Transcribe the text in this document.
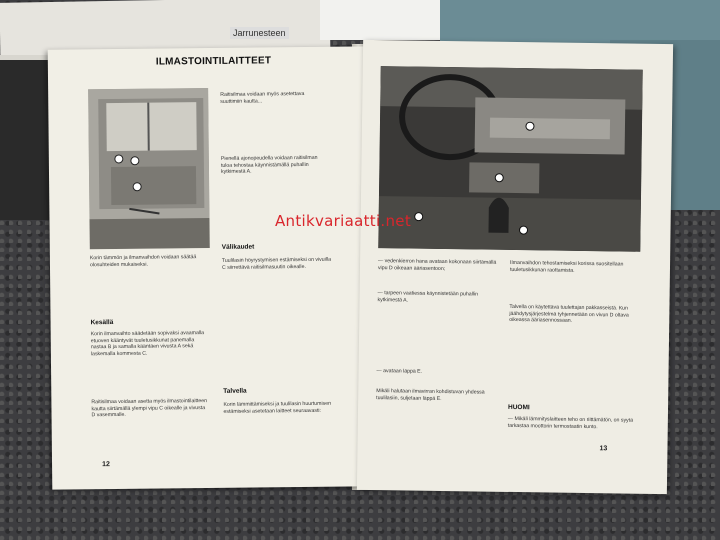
Jarrunesteen
ILMASTOINTILAITTEET
Raitisilmaa voidaan myös asetettava suuttimiin kautta...
Pienellä ajonopeudella voidaan raitisilman tuloa tehostaa käynnistämällä puhallin kytkimestä A.
Korin tämmön ja ilmanvaihdon voidaan säätää olosuhteiden mukaiseksi.
Kesällä
Korin ilmanvaihto säädetään sopivaksi avaamalla etuoven kääntyvät tuuletusikkunat panemalla nastaa B ja samalla kääntäen vivusta A sekä laskemalla kommesta C.
Raitisilmaa voidaan asetta myös ilmastointilaitteen kautta siirtämällä ylempi vipu C oikealle ja vivusta D vasemmalle.
Välikaudet
Tuulilasin höyrystymisen estämiseksi on vivuilla C siirrettävä raitisilmasuutin oikealle.
Talvella
Korin lämmittämiseksi ja tuulilasin huurtumisen estämiseksi asetetaan laitteet seuraavasti:
12
— vedenkierron hana avataan kokonaan siirtämällä vipu D oikeaan ääriasentoon;
— tarpeen vaatiessa käynnistetään puhallin kytkimestä A.
— avataan läppä E.
Mikäli halutaan ilmavirran kohdistuvan yhdessä tuulilasiin, suljetaan läppä E.
Ilmanvaihdon tehostamiseksi korissa suositellaan tuuletusikkunan raottamista.
Talvella on käytettävä tuulettajan pakkasseistä. Kun jäähdytysjärjestelmä tyhjennetään on vivun D oltava oikeassa ääriasennossaan.
HUOMI
— Mikäli lämmityslaitteen teho on riittämätön, on syytä tarkastaa moottorin termostaatin kunto.
13
Antikvariaatti.net
